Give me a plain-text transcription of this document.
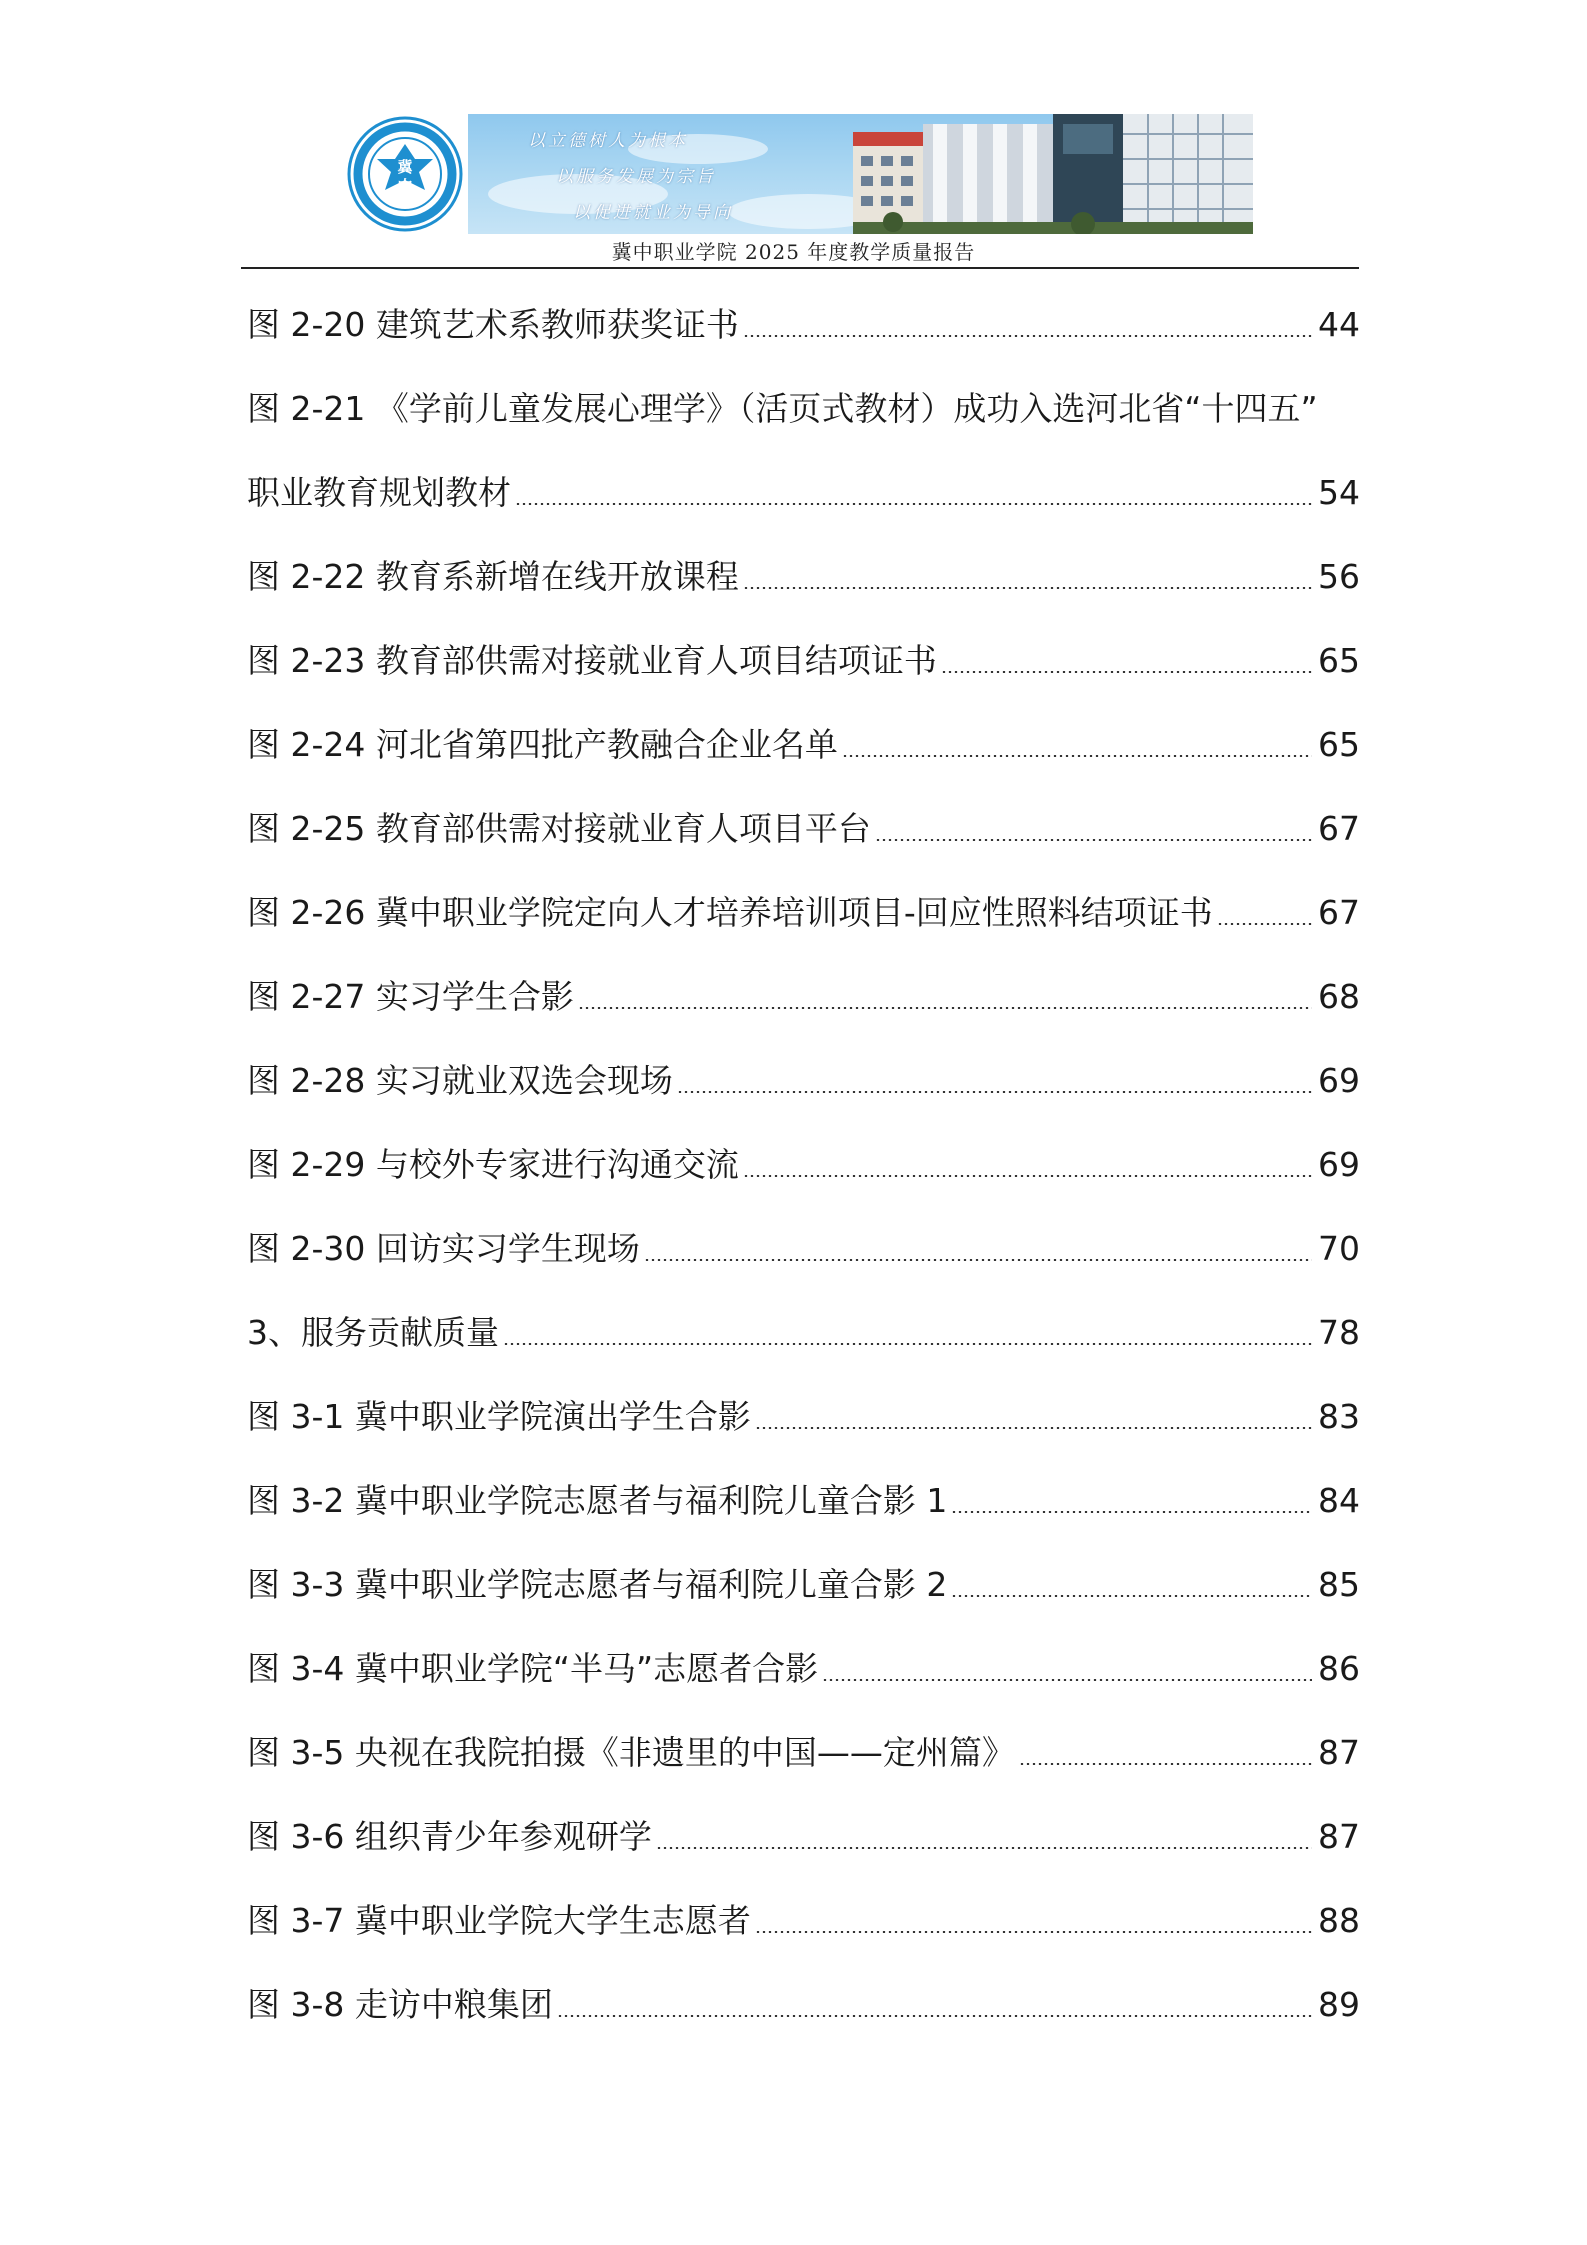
冀
中
以立德树人为根本
以服务发展为宗旨
以促进就业为导向
冀中职业学院 2025 年度教学质量报告
图 2-20 建筑艺术系教师获奖证书	44
图 2-21 《学前儿童发展心理学》（活页式教材）成功入选河北省“十四五”
职业教育规划教材	54
图 2-22 教育系新增在线开放课程	56
图 2-23 教育部供需对接就业育人项目结项证书	65
图 2-24 河北省第四批产教融合企业名单	65
图 2-25 教育部供需对接就业育人项目平台	67
图 2-26 冀中职业学院定向人才培养培训项目-回应性照料结项证书	67
图 2-27 实习学生合影	68
图 2-28 实习就业双选会现场	69
图 2-29 与校外专家进行沟通交流	69
图 2-30 回访实习学生现场	70
3、服务贡献质量	78
图 3-1 冀中职业学院演出学生合影	83
图 3-2 冀中职业学院志愿者与福利院儿童合影 1	84
图 3-3 冀中职业学院志愿者与福利院儿童合影 2	85
图 3-4 冀中职业学院“半马”志愿者合影	86
图 3-5 央视在我院拍摄《非遗里的中国——定州篇》	87
图 3-6 组织青少年参观研学	87
图 3-7 冀中职业学院大学生志愿者	88
图 3-8 走访中粮集团	89
